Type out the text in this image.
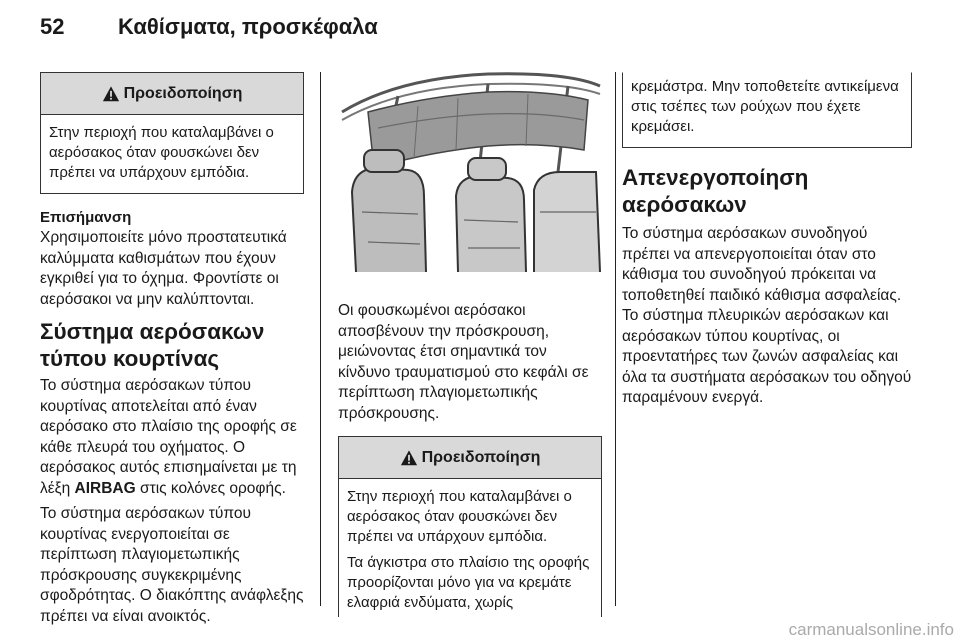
52 Καθίσματα, προσκέφαλα
Προειδοποίηση

Στην περιοχή που καταλαμβάνει ο αερόσακος όταν φουσκώνει δεν πρέπει να υπάρχουν εμπόδια.

Επισήμανση
Χρησιμοποιείτε μόνο προστατευτικά καλύμματα καθισμάτων που έχουν εγκριθεί για το όχημα. Φροντίστε οι αερόσακοι να μην καλύπτονται.
Σύστημα αερόσακων τύπου κουρτίνας
Το σύστημα αερόσακων τύπου κουρτίνας αποτελείται από έναν αερόσακο στο πλαίσιο της οροφής σε κάθε πλευρά του οχήματος. Ο αερόσακος αυτός επισημαίνεται με τη λέξη AIRBAG στις κολόνες οροφής.
Το σύστημα αερόσακων τύπου κουρτίνας ενεργοποιείται σε περίπτωση πλαγιομετωπικής πρόσκρουσης συγκεκριμένης σφοδρότητας. Ο διακόπτης ανάφλεξης πρέπει να είναι ανοικτός.
Οι φουσκωμένοι αερόσακοι αποσβένουν την πρόσκρουση, μειώνοντας έτσι σημαντικά τον κίνδυνο τραυματισμού στο κεφάλι σε περίπτωση πλαγιομετωπικής πρόσκρουσης.
Προειδοποίηση

Στην περιοχή που καταλαμβάνει ο αερόσακος όταν φουσκώνει δεν πρέπει να υπάρχουν εμπόδια.

Τα άγκιστρα στο πλαίσιο της οροφής προορίζονται μόνο για να κρεμάτε ελαφριά ενδύματα, χωρίς

κρεμάστρα. Μην τοποθετείτε αντικείμενα στις τσέπες των ρούχων που έχετε κρεμάσει.

Απενεργοποίηση αερόσακων
Το σύστημα αερόσακων συνοδηγού πρέπει να απενεργοποιείται όταν στο κάθισμα του συνοδηγού πρόκειται να τοποθετηθεί παιδικό κάθισμα ασφαλείας. Το σύστημα πλευρικών αερόσακων και αερόσακων τύπου κουρτίνας, οι προεντατήρες των ζωνών ασφαλείας και όλα τα συστήματα αερόσακων του οδηγού παραμένουν ενεργά.
carmanualsonline.info
